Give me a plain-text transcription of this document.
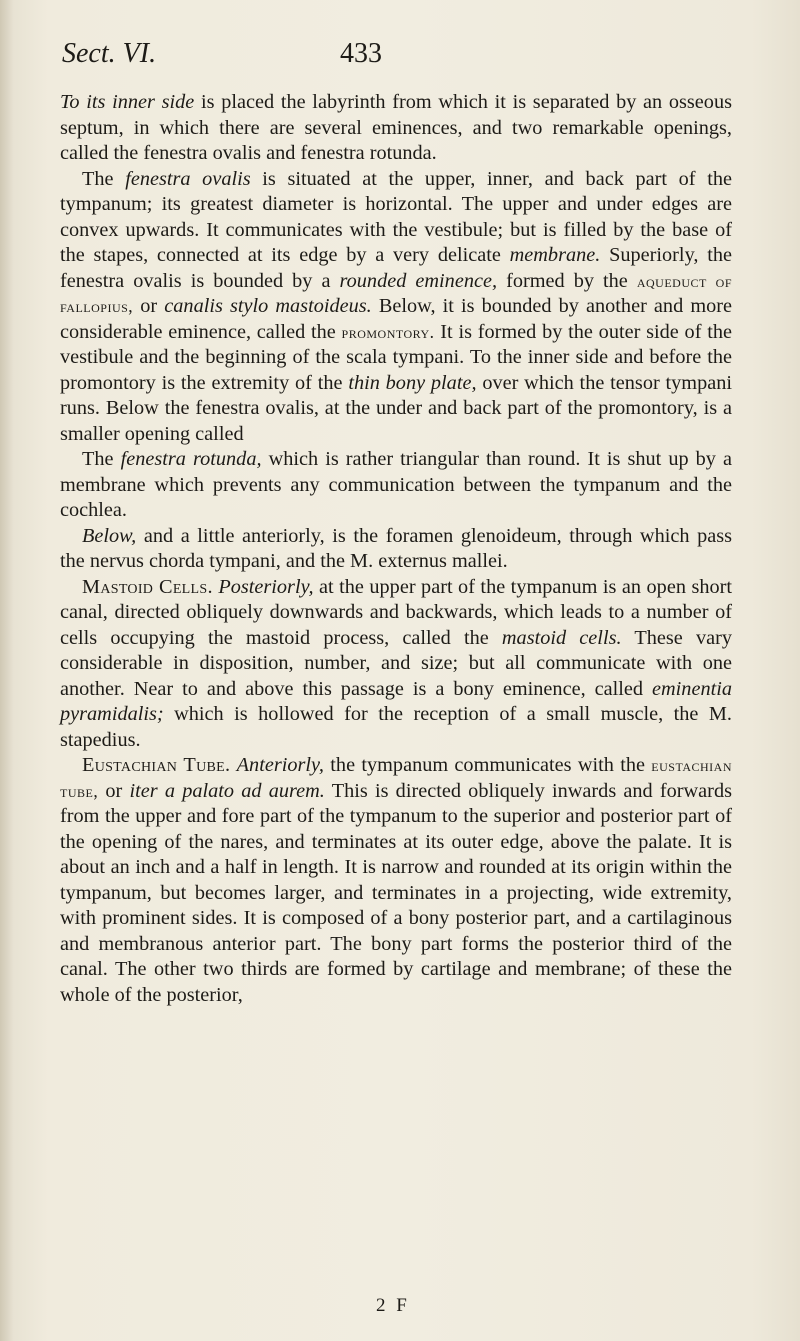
Sect. VI.	433

To its inner side is placed the labyrinth from which it is separated by an osseous septum, in which there are several eminences, and two remarkable openings, called the fenestra ovalis and fenestra rotunda.

The fenestra ovalis is situated at the upper, inner, and back part of the tympanum; its greatest diameter is horizontal. The upper and under edges are convex upwards. It communicates with the vestibule; but is filled by the base of the stapes, connected at its edge by a very delicate membrane. Superiorly, the fenestra ovalis is bounded by a rounded eminence, formed by the aqueduct of fallopius, or canalis stylo mastoideus. Below, it is bounded by another and more considerable eminence, called the promontory. It is formed by the outer side of the vestibule and the beginning of the scala tympani. To the inner side and before the promontory is the extremity of the thin bony plate, over which the tensor tympani runs. Below the fenestra ovalis, at the under and back part of the promontory, is a smaller opening called

The fenestra rotunda, which is rather triangular than round. It is shut up by a membrane which prevents any communication between the tympanum and the cochlea.

Below, and a little anteriorly, is the foramen glenoideum, through which pass the nervus chorda tympani, and the M. externus mallei.

Mastoid Cells. Posteriorly, at the upper part of the tympanum is an open short canal, directed obliquely downwards and backwards, which leads to a number of cells occupying the mastoid process, called the mastoid cells. These vary considerable in disposition, number, and size; but all communicate with one another. Near to and above this passage is a bony eminence, called eminentia pyramidalis; which is hollowed for the reception of a small muscle, the M. stapedius.

Eustachian Tube. Anteriorly, the tympanum communicates with the eustachian tube, or iter a palato ad aurem. This is directed obliquely inwards and forwards from the upper and fore part of the tympanum to the superior and posterior part of the opening of the nares, and terminates at its outer edge, above the palate. It is about an inch and a half in length. It is narrow and rounded at its origin within the tympanum, but becomes larger, and terminates in a projecting, wide extremity, with prominent sides. It is composed of a bony posterior part, and a cartilaginous and membranous anterior part. The bony part forms the posterior third of the canal. The other two thirds are formed by cartilage and membrane; of these the whole of the posterior,

2 F
